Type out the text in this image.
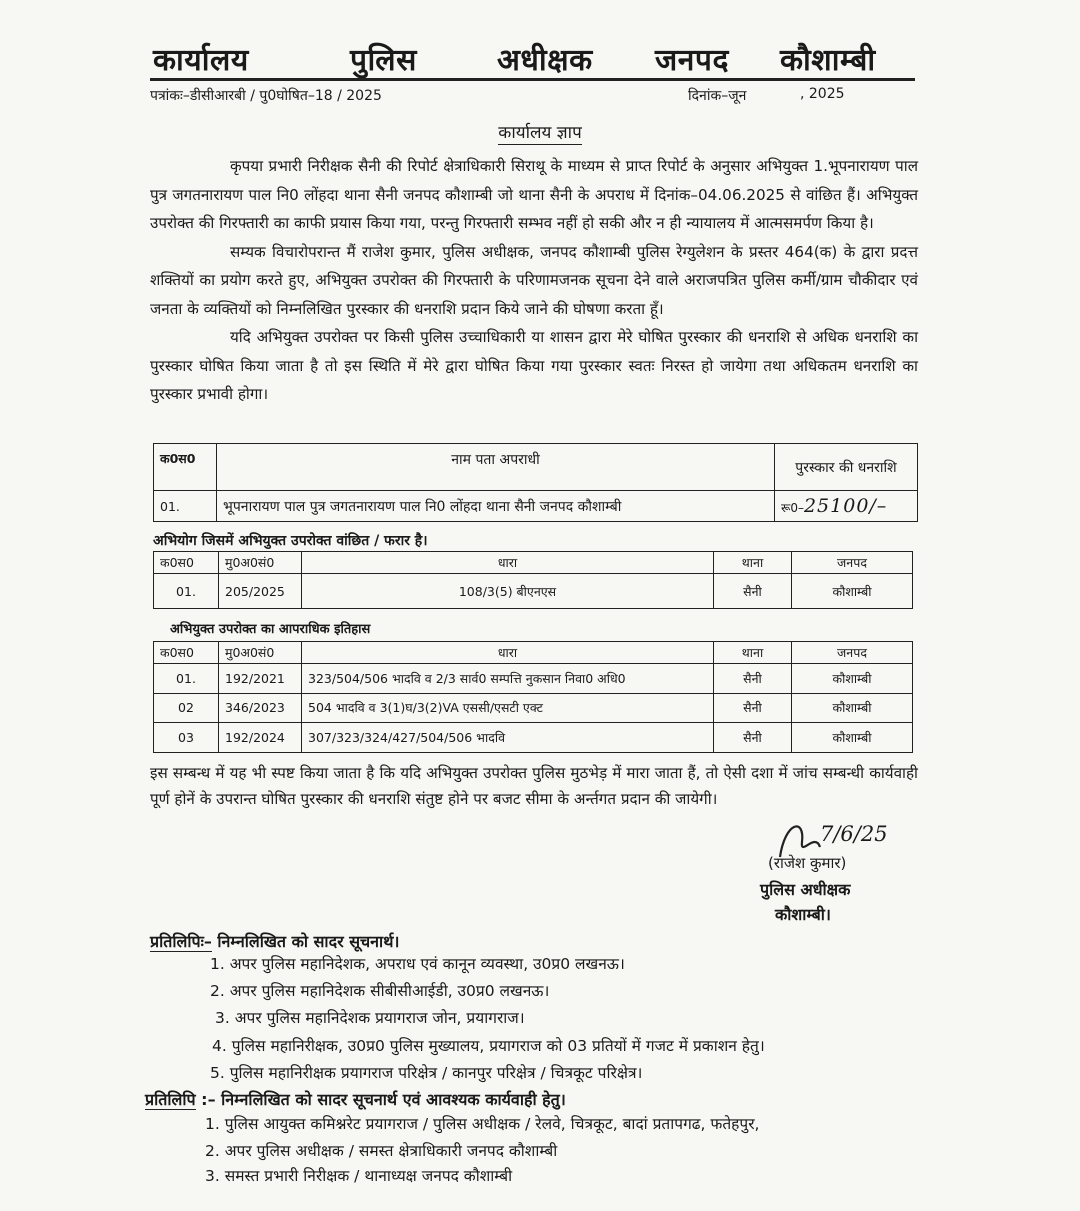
कार्यालय	पुलिस	अधीक्षक जनपद कौशाम्बी
पत्रांकः–डीसीआरबी / पु0घोषित–18 / 2025	दिनांक–जून	, 2025
कार्यालय ज्ञाप

कृपया प्रभारी निरीक्षक सैनी की रिपोर्ट क्षेत्राधिकारी सिराथू के माध्यम से प्राप्त रिपोर्ट के अनुसार अभियुक्त 1.भूपनारायण पाल पुत्र जगतनारायण पाल नि0 लोंहदा थाना सैनी जनपद कौशाम्बी जो थाना सैनी के अपराध में दिनांक–04.06.2025 से वांछित हैं। अभियुक्त उपरोक्त की गिरफ्तारी का काफी प्रयास किया गया, परन्तु गिरफ्तारी सम्भव नहीं हो सकी और न ही न्यायालय में आत्मसमर्पण किया है।

सम्यक विचारोपरान्त मैं राजेश कुमार, पुलिस अधीक्षक, जनपद कौशाम्बी पुलिस रेग्युलेशन के प्रस्तर 464(क) के द्वारा प्रदत्त शक्तियों का प्रयोग करते हुए, अभियुक्त उपरोक्त की गिरफ्तारी के परिणामजनक सूचना देने वाले अराजपत्रित पुलिस कर्मी/ग्राम चौकीदार एवं जनता के व्यक्तियों को निम्नलिखित पुरस्कार की धनराशि प्रदान किये जाने की घोषणा करता हूँ।

यदि अभियुक्त उपरोक्त पर किसी पुलिस उच्चाधिकारी या शासन द्वारा मेरे घोषित पुरस्कार की धनराशि से अधिक धनराशि का पुरस्कार घोषित किया जाता है तो इस स्थिति में मेरे द्वारा घोषित किया गया पुरस्कार स्वतः निरस्त हो जायेगा तथा अधिकतम धनराशि का पुरस्कार प्रभावी होगा।

क0स0	नाम पता अपराधी	पुरस्कार की धनराशि
01.	भूपनारायण पाल पुत्र जगतनारायण पाल नि0 लोंहदा थाना सैनी जनपद कौशाम्बी	रू0–25100/–
अभियोग जिसमें अभियुक्त उपरोक्त वांछित / फरार है।
क0स0	मु0अ0सं0	धारा	थाना	जनपद
01.	205/2025	108/3(5) बीएनएस	सैनी	कौशाम्बी
अभियुक्त उपरोक्त का आपराधिक इतिहास
क0स0	मु0अ0सं0	धारा	थाना	जनपद
01.	192/2021	323/504/506 भादवि व 2/3 सार्व0 सम्पत्ति नुकसान निवा0 अधि0	सैनी	कौशाम्बी
02	346/2023	504 भादवि व 3(1)घ/3(2)VA एससी/एसटी एक्ट	सैनी	कौशाम्बी
03	192/2024	307/323/324/427/504/506 भादवि	सैनी	कौशाम्बी
इस सम्बन्ध में यह भी स्पष्ट किया जाता है कि यदि अभियुक्त उपरोक्त पुलिस मुठभेड़ में मारा जाता हैं, तो ऐसी दशा में जांच सम्बन्धी कार्यवाही पूर्ण होनें के उपरान्त घोषित पुरस्कार की धनराशि संतुष्ट होने पर बजट सीमा के अर्न्तगत प्रदान की जायेगी।
7/6/25
(राजेश कुमार)
पुलिस अधीक्षक
कौशाम्बी।
प्रतिलिपिः– निम्नलिखित को सादर सूचनार्थ।
1. अपर पुलिस महानिदेशक, अपराध एवं कानून व्यवस्था, उ0प्र0 लखनऊ।
2. अपर पुलिस महानिदेशक सीबीसीआईडी, उ0प्र0 लखनऊ।
3. अपर पुलिस महानिदेशक प्रयागराज जोन, प्रयागराज।
4. पुलिस महानिरीक्षक, उ0प्र0 पुलिस मुख्यालय, प्रयागराज को 03 प्रतियों में गजट में प्रकाशन हेतु।
5. पुलिस महानिरीक्षक प्रयागराज परिक्षेत्र / कानपुर परिक्षेत्र / चित्रकूट परिक्षेत्र।
प्रतिलिपि :– निम्नलिखित को सादर सूचनार्थ एवं आवश्यक कार्यवाही हेतु।
1. पुलिस आयुक्त कमिश्नरेट प्रयागराज / पुलिस अधीक्षक / रेलवे, चित्रकूट, बादां प्रतापगढ, फतेहपुर,
2. अपर पुलिस अधीक्षक / समस्त क्षेत्राधिकारी जनपद कौशाम्बी
3. समस्त प्रभारी निरीक्षक / थानाध्यक्ष जनपद कौशाम्बी
